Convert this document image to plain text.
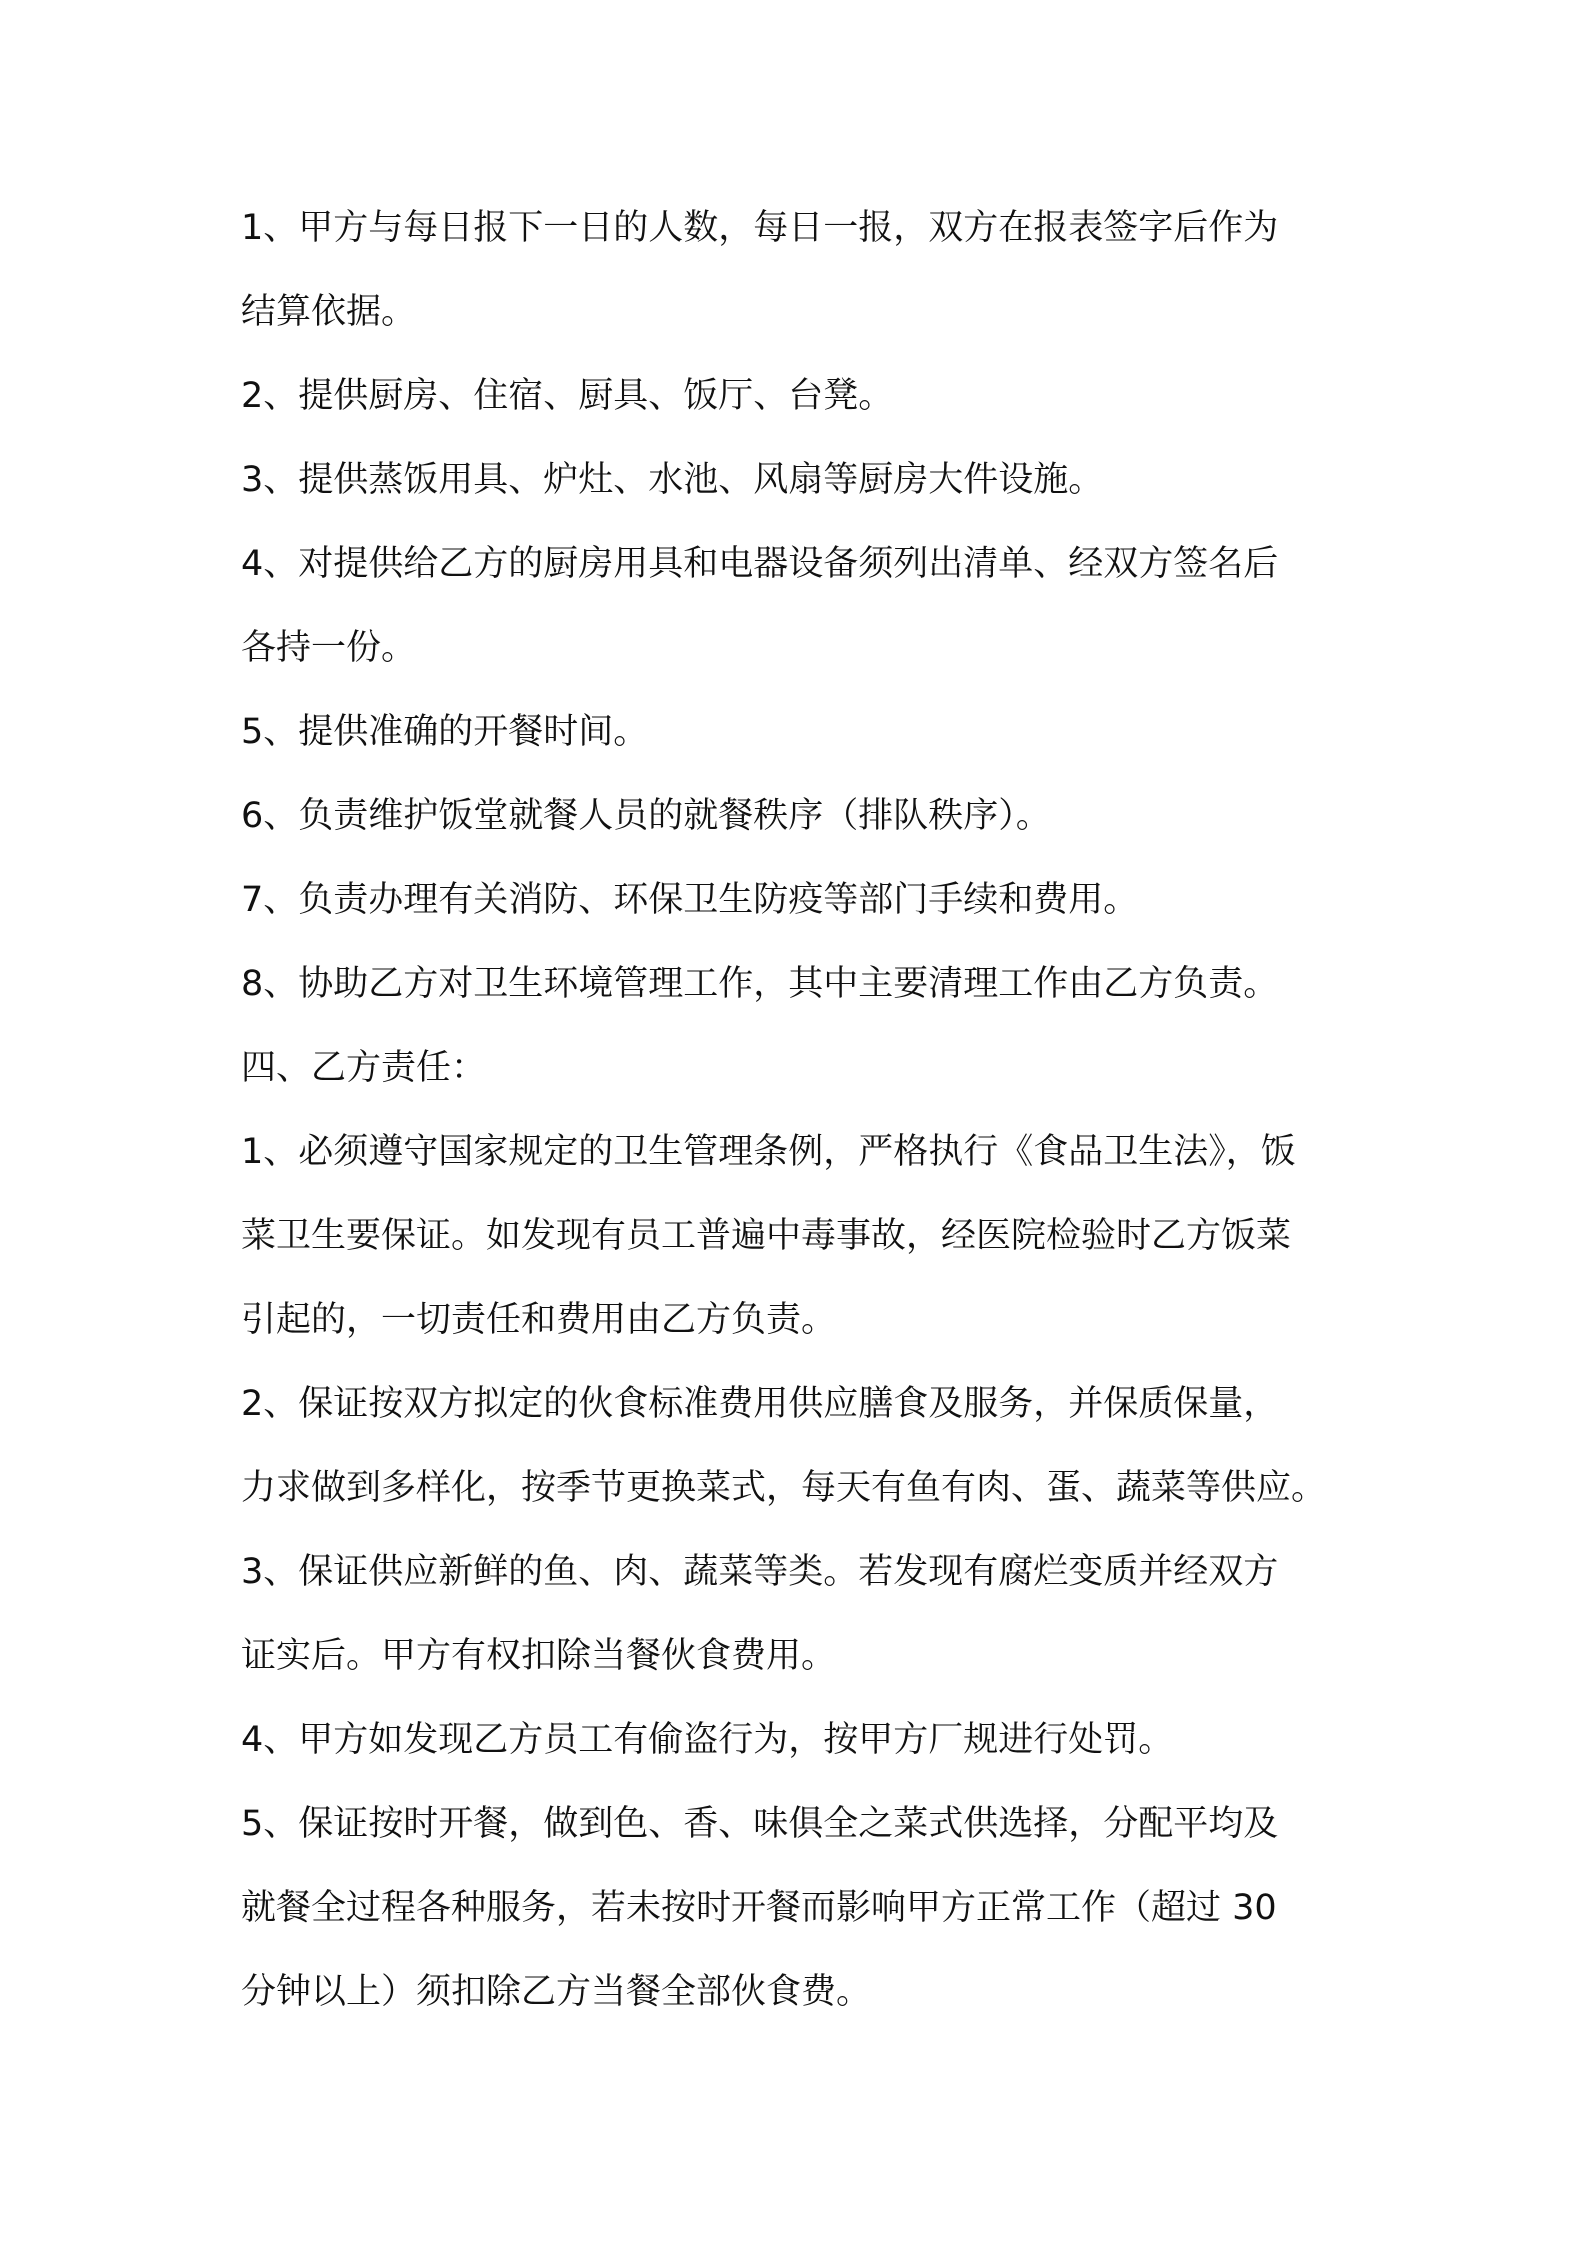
1、甲方与每日报下一日的人数，每日一报，双方在报表签字后作为
结算依据。

2、提供厨房、住宿、厨具、饭厅、台凳。

3、提供蒸饭用具、炉灶、水池、风扇等厨房大件设施。

4、对提供给乙方的厨房用具和电器设备须列出清单、经双方签名后
各持一份。

5、提供准确的开餐时间。

6、负责维护饭堂就餐人员的就餐秩序（排队秩序）。

7、负责办理有关消防、环保卫生防疫等部门手续和费用。

8、协助乙方对卫生环境管理工作，其中主要清理工作由乙方负责。

四、乙方责任：

1、必须遵守国家规定的卫生管理条例，严格执行《食品卫生法》，饭
菜卫生要保证。如发现有员工普遍中毒事故，经医院检验时乙方饭菜
引起的，一切责任和费用由乙方负责。

2、保证按双方拟定的伙食标准费用供应膳食及服务，并保质保量，
力求做到多样化，按季节更换菜式，每天有鱼有肉、蛋、蔬菜等供应。

3、保证供应新鲜的鱼、肉、蔬菜等类。若发现有腐烂变质并经双方
证实后。甲方有权扣除当餐伙食费用。

4、甲方如发现乙方员工有偷盗行为，按甲方厂规进行处罚。

5、保证按时开餐，做到色、香、味俱全之菜式供选择，分配平均及
就餐全过程各种服务，若未按时开餐而影响甲方正常工作（超过 30
分钟以上）须扣除乙方当餐全部伙食费。
